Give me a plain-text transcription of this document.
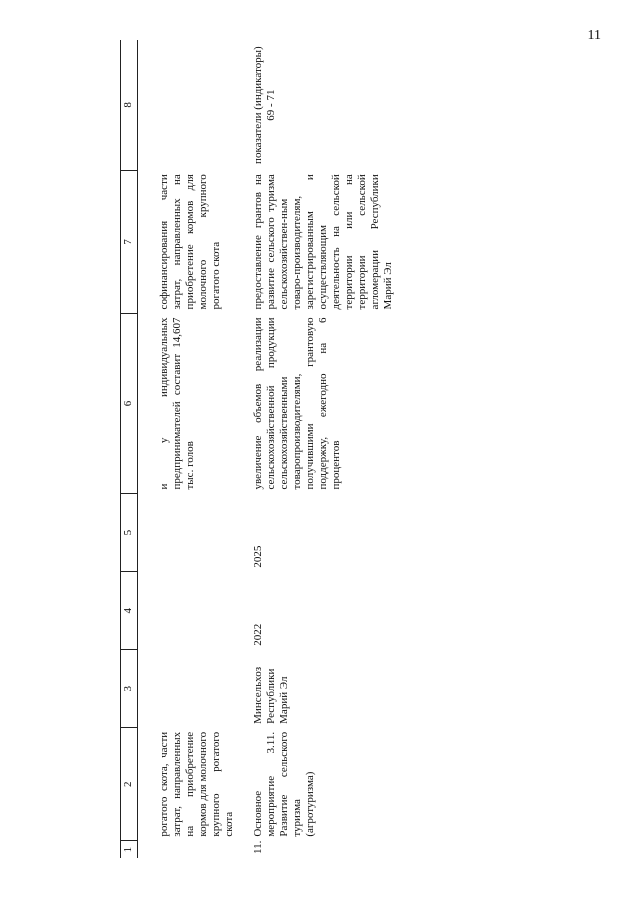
11
1	2	3	4	5	6	7	8
	рогатого скота, части затрат, направленных на приобретение кормов для молочного крупного рогатого скота				и у индивидуальных предпринимателей составит 14,607 тыс. голов	софинансирования части затрат, направленных на приобретение кормов для молочного крупного рогатого скота	
11.	Основное мероприятие 3.11. Развитие сельского туризма (агротуризма)	Минсельхоз Республики Марий Эл	2022	2025	увеличение объемов реализации сельскохозяйственной продукции сельскохозяйственными товаропроизводителями, получившими грантовую поддержку, ежегодно на 6 процентов	предоставление грантов на развитие сельского туризма сельскохозяйствен-ным товаро-производителям, зарегистрированным и осуществляющим деятельность на сельской территории или на территории сельской агломерации Республики Марий Эл	показатели (индикаторы) 69 - 71
